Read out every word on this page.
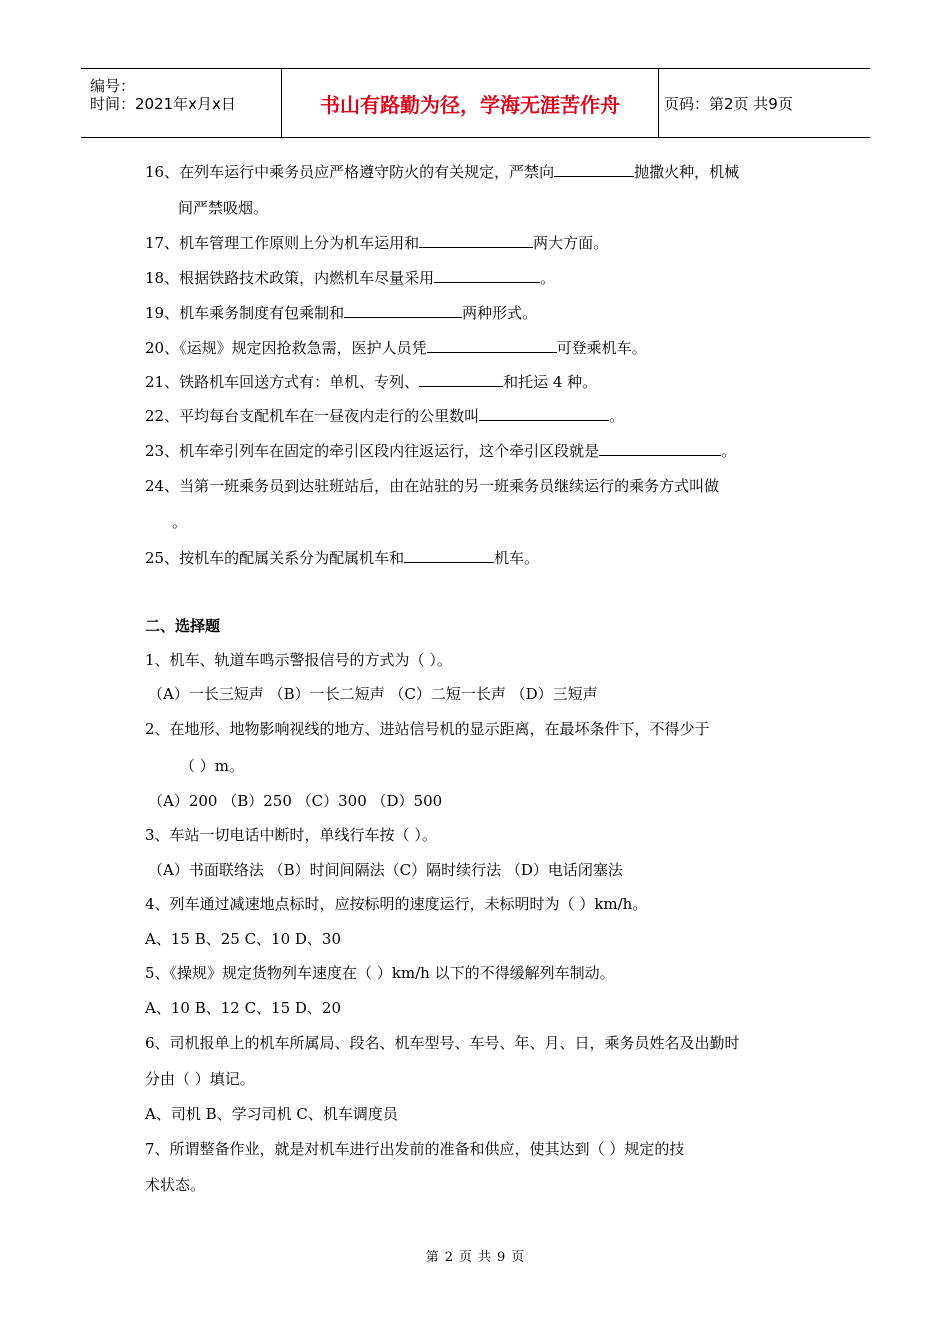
编号：
时间：2021年x月x日	书山有路勤为径，学海无涯苦作舟	页码：第2页 共9页
16、在列车运行中乘务员应严格遵守防火的有关规定，严禁向	抛撒火种，机械
间严禁吸烟。
17、机车管理工作原则上分为机车运用和	两大方面。
18、根据铁路技术政策，内燃机车尽量采用	。
19、机车乘务制度有包乘制和	两种形式。
20、《运规》规定因抢救急需，医护人员凭	可登乘机车。
21、铁路机车回送方式有：单机、专列、	和托运 4 种。
22、平均每台支配机车在一昼夜内走行的公里数叫	。
23、机车牵引列车在固定的牵引区段内往返运行，这个牵引区段就是	。
24、当第一班乘务员到达驻班站后，由在站驻的另一班乘务员继续运行的乘务方式叫做
。
25、按机车的配属关系分为配属机车和	机车。
二、选择题
1、机车、轨道车鸣示警报信号的方式为（ ）。
（A）一长三短声 （B）一长二短声 （C）二短一长声 （D）三短声
2、在地形、地物影响视线的地方、进站信号机的显示距离，在最坏条件下，不得少于
（ ）m。
（A）200 （B）250 （C）300 （D）500
3、车站一切电话中断时，单线行车按（ ）。
（A）书面联络法 （B）时间间隔法（C）隔时续行法 （D）电话闭塞法
4、列车通过减速地点标时，应按标明的速度运行，未标明时为（ ）km/h。
A、15 B、25 C、10 D、30
5、《操规》规定货物列车速度在（ ）km/h 以下的不得缓解列车制动。
A、10 B、12 C、15 D、20
6、司机报单上的机车所属局、段名、机车型号、车号、年、月、日，乘务员姓名及出勤时
分由（ ）填记。
A、司机 B、学习司机 C、机车调度员
7、所谓整备作业，就是对机车进行出发前的准备和供应，使其达到（ ）规定的技
术状态。
第 2 页 共 9 页
